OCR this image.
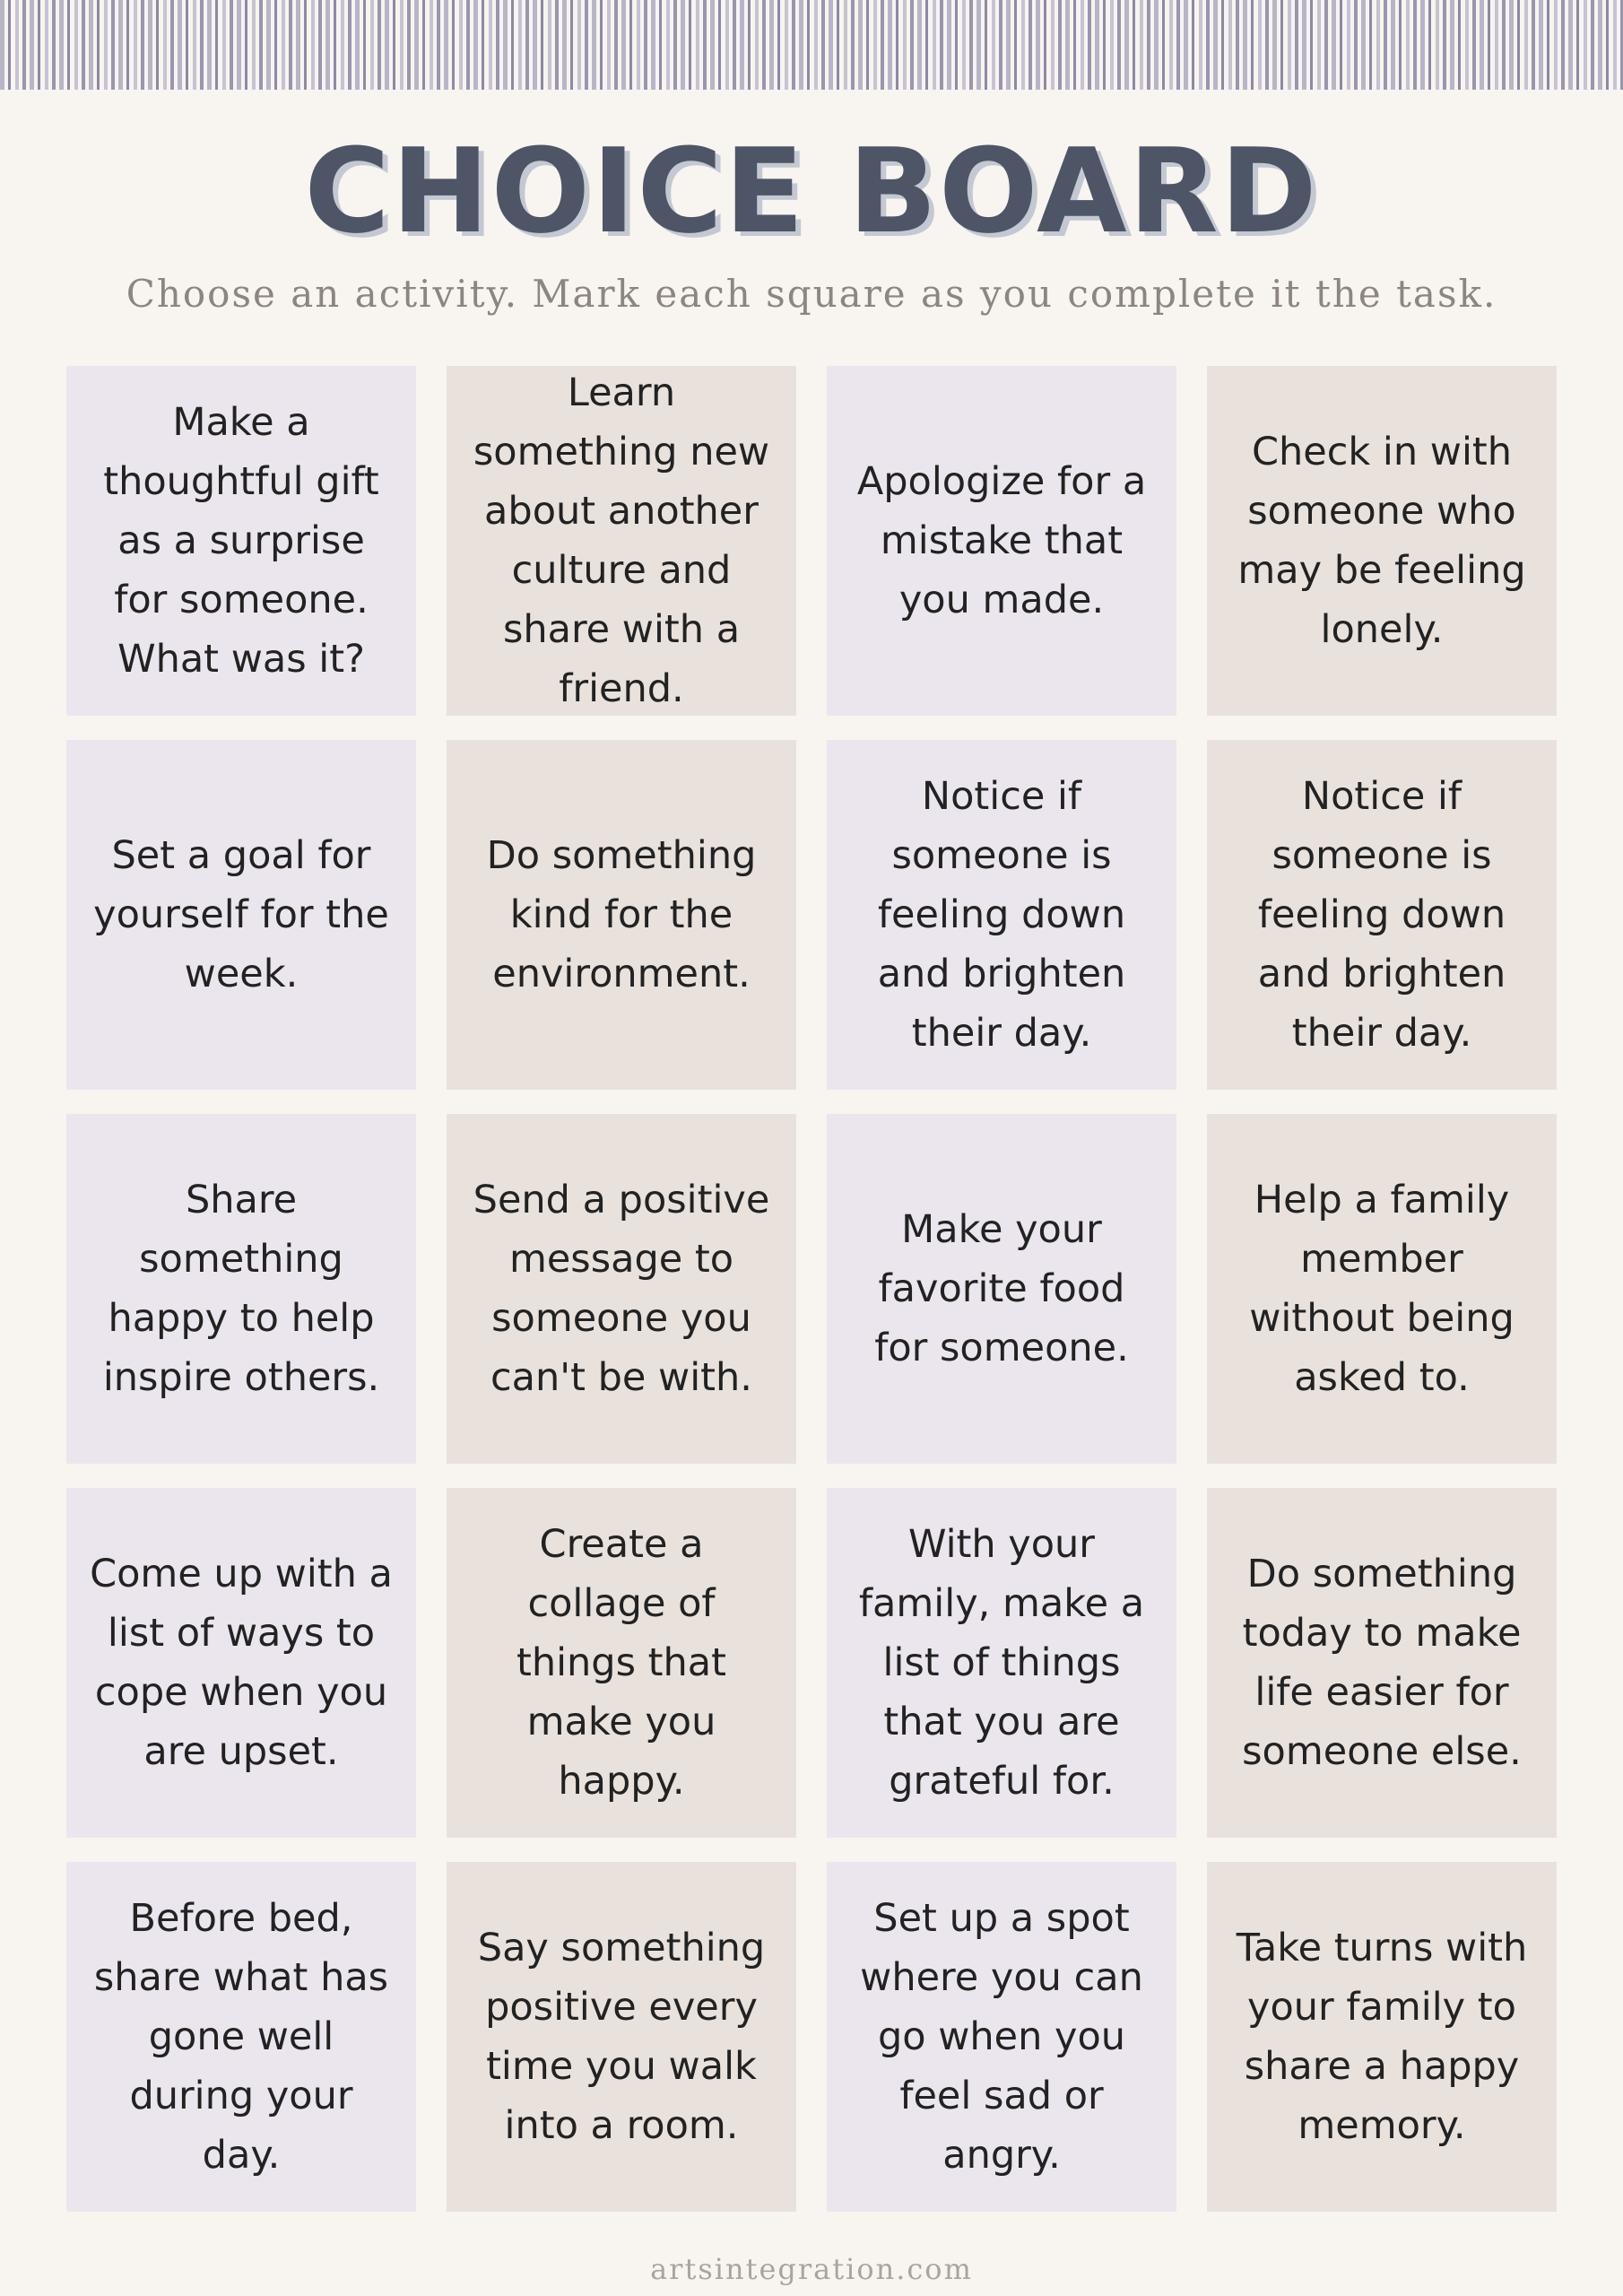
CHOICE BOARD
Choose an activity. Mark each square as you complete it the task.
Make a thoughtful gift as a surprise for someone. What was it?
Learn something new about another culture and share with a friend.
Apologize for a mistake that you made.
Check in with someone who may be feeling lonely.
Set a goal for yourself for the week.
Do something kind for the environment.
Notice if someone is feeling down and brighten their day.
Notice if someone is feeling down and brighten their day.
Share something happy to help inspire others.
Send a positive message to someone you can't be with.
Make your favorite food for someone.
Help a family member without being asked to.
Come up with a list of ways to cope when you are upset.
Create a collage of things that make you happy.
With your family, make a list of things that you are grateful for.
Do something today to make life easier for someone else.
Before bed, share what has gone well during your day.
Say something positive every time you walk into a room.
Set up a spot where you can go when you feel sad or angry.
Take turns with your family to share a happy memory.
artsintegration.com
